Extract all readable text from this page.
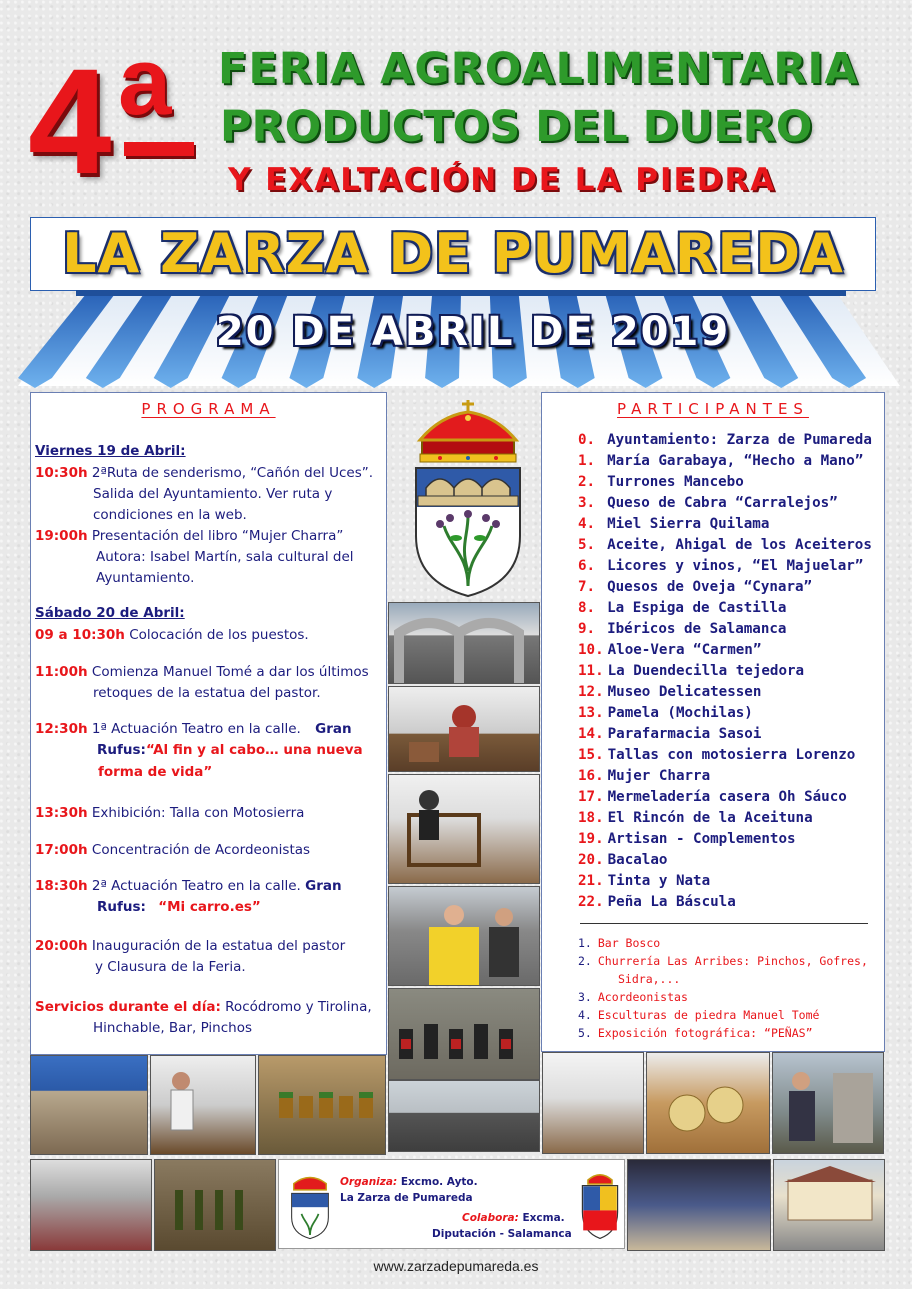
4 a FERIA AGROALIMENTARIA
PRODUCTOS DEL DUERO
Y EXALTACIÓN DE LA PIEDRA
LA ZARZA DE PUMAREDA
20 DE ABRIL DE 2019
PROGRAMA
Viernes 19 de Abril:
10:30h 2ªRuta de senderismo, “Cañón del Uces”.
Salida del Ayuntamiento. Ver ruta y
condiciones en la web.
19:00h Presentación del libro “Mujer Charra”
Autora: Isabel Martín, sala cultural del
Ayuntamiento.
Sábado 20 de Abril:
09 a 10:30h Colocación de los puestos.
11:00h Comienza Manuel Tomé a dar los últimos
retoques de la estatua del pastor.
12:30h 1ª Actuación Teatro en la calle. Gran
Rufus:“Al fin y al cabo… una nueva
forma de vida”
13:30h Exhibición: Talla con Motosierra
17:00h Concentración de Acordeonistas
18:30h 2ª Actuación Teatro en la calle. Gran
Rufus: “Mi carro.es”
20:00h Inauguración de la estatua del pastor
y Clausura de la Feria.
Servicios durante el día: Rocódromo y Tirolina,
Hinchable, Bar, Pinchos
PARTICIPANTES
0. Ayuntamiento: Zarza de Pumareda
1. María Garabaya, “Hecho a Mano”
2. Turrones Mancebo
3. Queso de Cabra “Carralejos”
4. Miel Sierra Quilama
5. Aceite, Ahigal de los Aceiteros
6. Licores y vinos, “El Majuelar”
7. Quesos de Oveja “Cynara”
8. La Espiga de Castilla
9. Ibéricos de Salamanca
10. Aloe-Vera “Carmen”
11. La Duendecilla tejedora
12. Museo Delicatessen
13. Pamela (Mochilas)
14. Parafarmacia Sasoi
15. Tallas con motosierra Lorenzo
16. Mujer Charra
17. Mermeladería casera Oh Sáuco
18. El Rincón de la Aceituna
19. Artisan - Complementos
20. Bacalao
21. Tinta y Nata
22. Peña La Báscula
1. Bar Bosco
2. Churrería Las Arribes: Pinchos, Gofres,
Sidra,...
3. Acordeonistas
4. Esculturas de piedra Manuel Tomé
5. Exposición fotográfica: “PEÑAS”
Organiza: Excmo. Ayto.
La Zarza de Pumareda
Colabora: Excma.
Diputación - Salamanca
www.zarzadepumareda.es
